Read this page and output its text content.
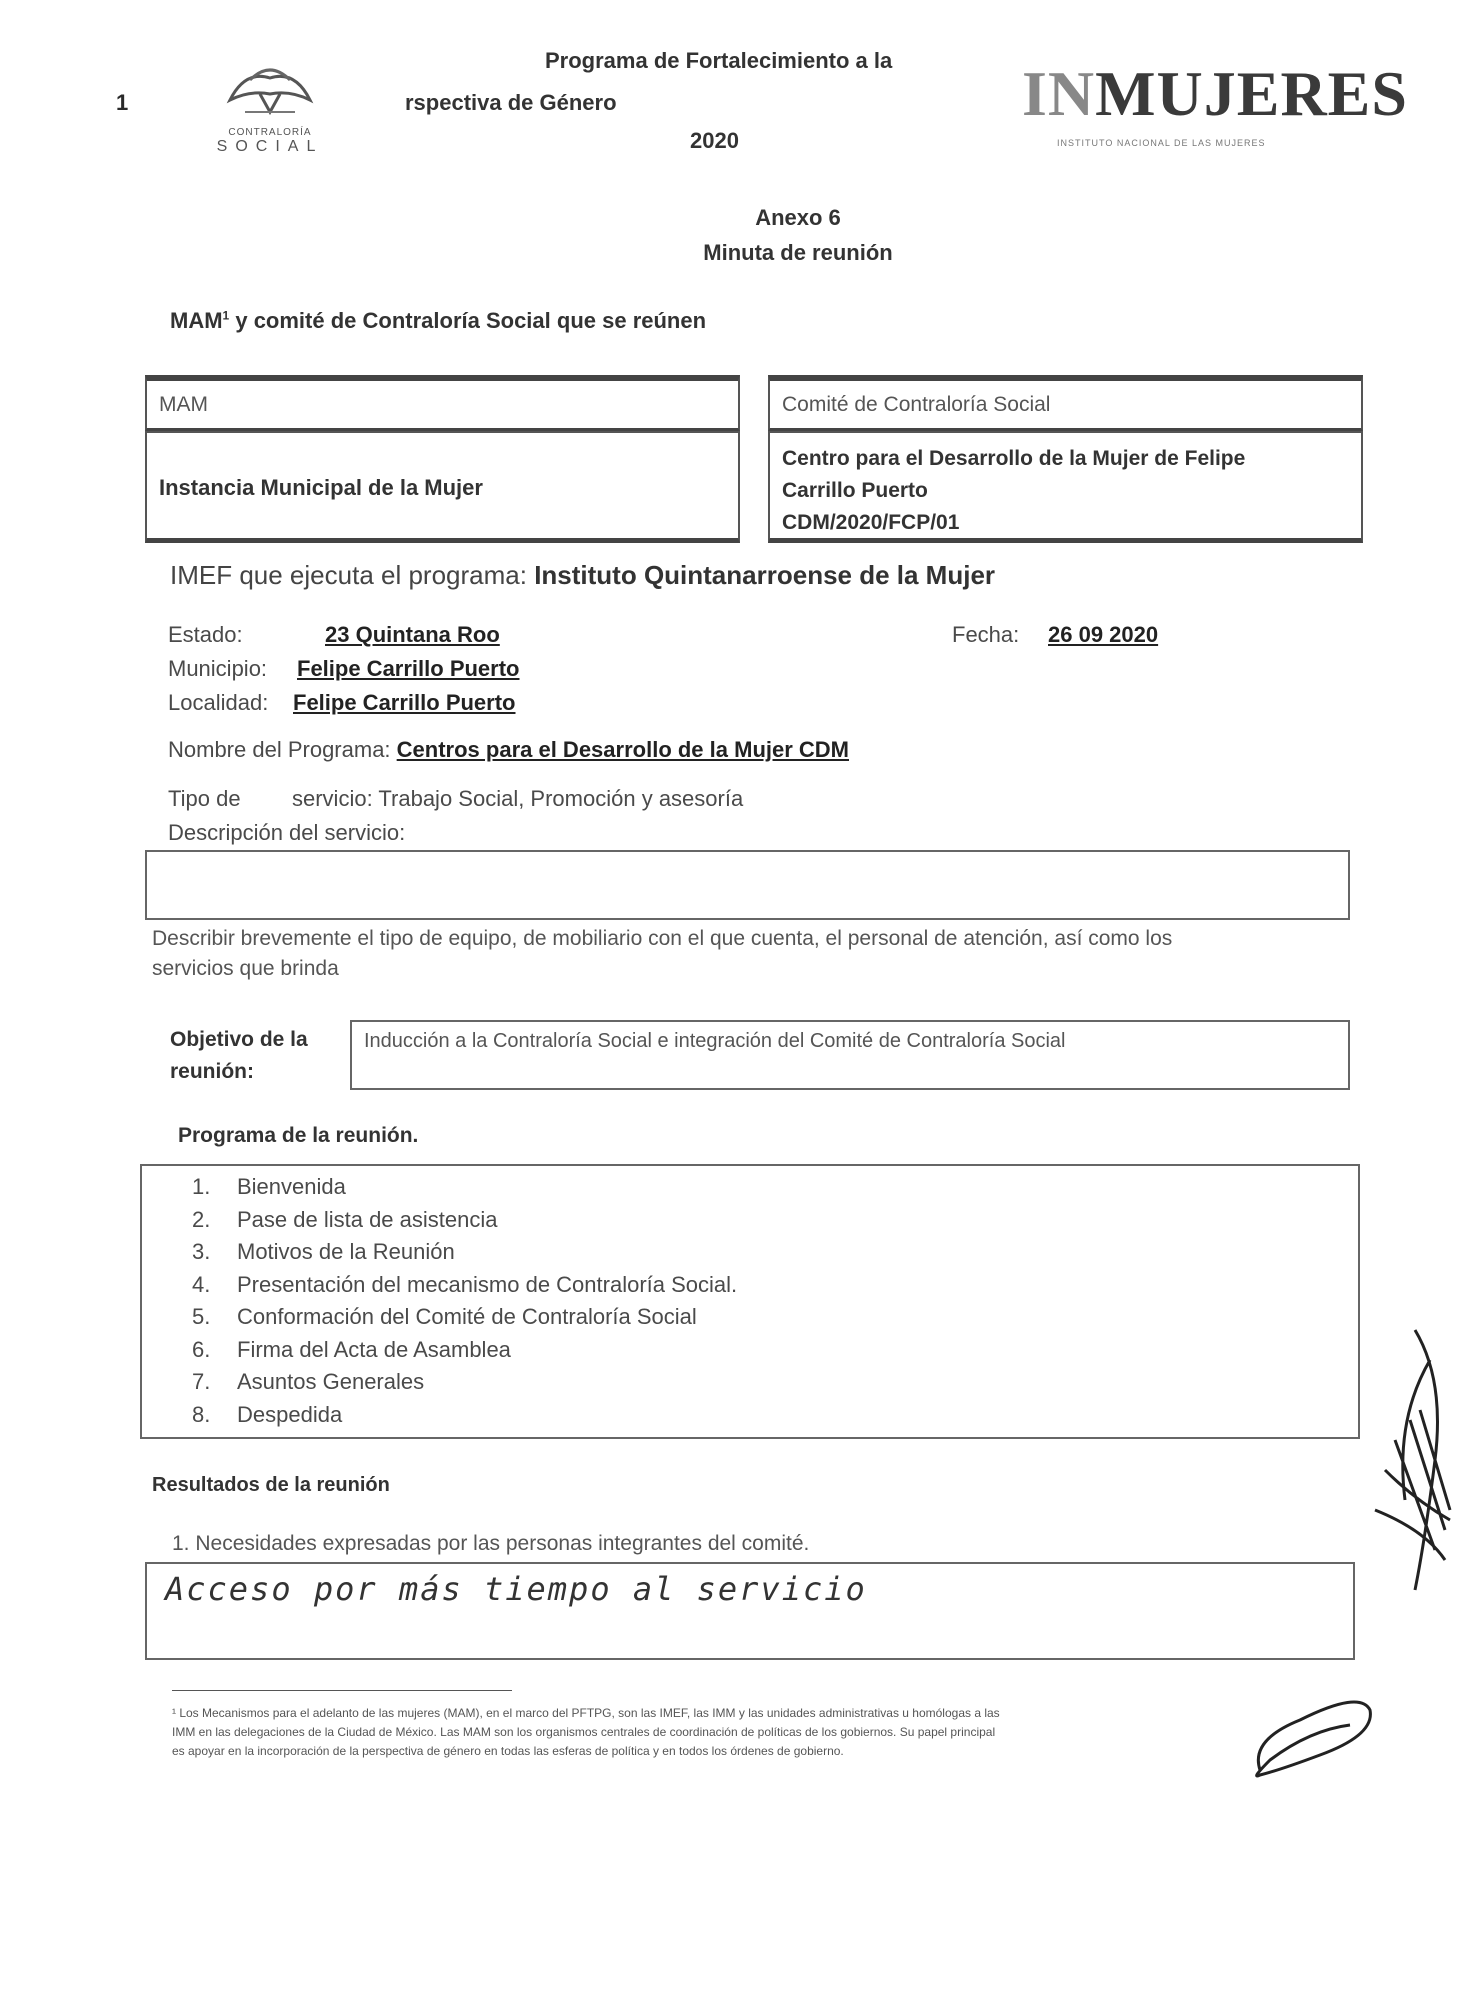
1
CONTRALORÍA
SOCIAL
Programa de Fortalecimiento a la
rspectiva de Género
2020
INMUJERES
INSTITUTO NACIONAL DE LAS MUJERES
Anexo 6
Minuta de reunión
MAM$^1$ y comité de Contraloría Social que se reúnen
MAM
Instancia Municipal de la Mujer
Comité de Contraloría Social
Centro para el Desarrollo de la Mujer de Felipe
Carrillo Puerto
CDM/2020/FCP/01
IMEF que ejecuta el programa: Instituto Quintanarroense de la Mujer
Estado:	23 Quintana Roo	Fecha: 26 09 2020
Municipio: Felipe Carrillo Puerto
Localidad: Felipe Carrillo Puerto
Nombre del Programa: Centros para el Desarrollo de la Mujer CDM
Tipo de servicio: Trabajo Social, Promoción y asesoría
Descripción del servicio:
Describir brevemente el tipo de equipo, de mobiliario con el que cuenta, el personal de atención, así como los
servicios que brinda
Objetivo de la
reunión:
Inducción a la Contraloría Social e integración del Comité de Contraloría Social
Programa de la reunión.
1. Bienvenida
2. Pase de lista de asistencia
3. Motivos de la Reunión
4. Presentación del mecanismo de Contraloría Social.
5. Conformación del Comité de Contraloría Social
6. Firma del Acta de Asamblea
7. Asuntos Generales
8. Despedida
Resultados de la reunión
1. Necesidades expresadas por las personas integrantes del comité.
Acceso por más tiempo al servicio
¹ Los Mecanismos para el adelanto de las mujeres (MAM), en el marco del PFTPG, son las IMEF, las IMM y las unidades administrativas u homólogas a las
IMM en las delegaciones de la Ciudad de México. Las MAM son los organismos centrales de coordinación de políticas de los gobiernos. Su papel principal
es apoyar en la incorporación de la perspectiva de género en todas las esferas de política y en todos los órdenes de gobierno.
